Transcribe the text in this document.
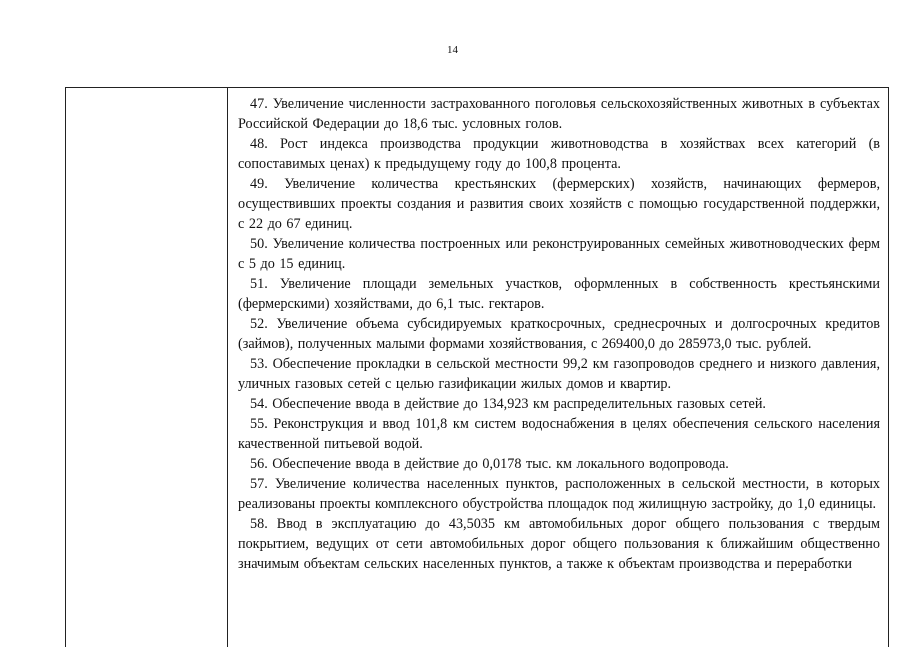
14

47. Увеличение численности застрахованного поголовья сельскохозяйственных животных в субъектах Российской Федерации до 18,6 тыс. условных голов.

48. Рост индекса производства продукции животноводства в хозяйствах всех категорий (в сопоставимых ценах) к предыдущему году до 100,8 процента.

49. Увеличение количества крестьянских (фермерских) хозяйств, начинающих фермеров, осуществивших проекты создания и развития своих хозяйств с помощью государственной поддержки, с 22 до 67 единиц.

50. Увеличение количества построенных или реконструированных семейных животноводческих ферм с 5 до 15 единиц.

51. Увеличение площади земельных участков, оформленных в собственность крестьянскими (фермерскими) хозяйствами, до 6,1 тыс. гектаров.

52. Увеличение объема субсидируемых краткосрочных, среднесрочных и долгосрочных кредитов (займов), полученных малыми формами хозяйствования, с 269400,0 до 285973,0 тыс. рублей.

53. Обеспечение прокладки в сельской местности 99,2 км газопроводов среднего и низкого давления, уличных газовых сетей с целью газификации жилых домов и квартир.

54. Обеспечение ввода в действие до 134,923 км распределительных газовых сетей.

55. Реконструкция и ввод 101,8 км систем водоснабжения в целях обеспечения сельского населения качественной питьевой водой.

56. Обеспечение ввода в действие до 0,0178 тыс. км локального водопровода.

57. Увеличение количества населенных пунктов, расположенных в сельской местности, в которых реализованы проекты комплексного обустройства площадок под жилищную застройку, до 1,0 единицы.

58. Ввод в эксплуатацию до 43,5035 км автомобильных дорог общего пользования с твердым покрытием, ведущих от сети автомобильных дорог общего пользования к ближайшим общественно значимым объектам сельских населенных пунктов, а также к объектам производства и переработки
